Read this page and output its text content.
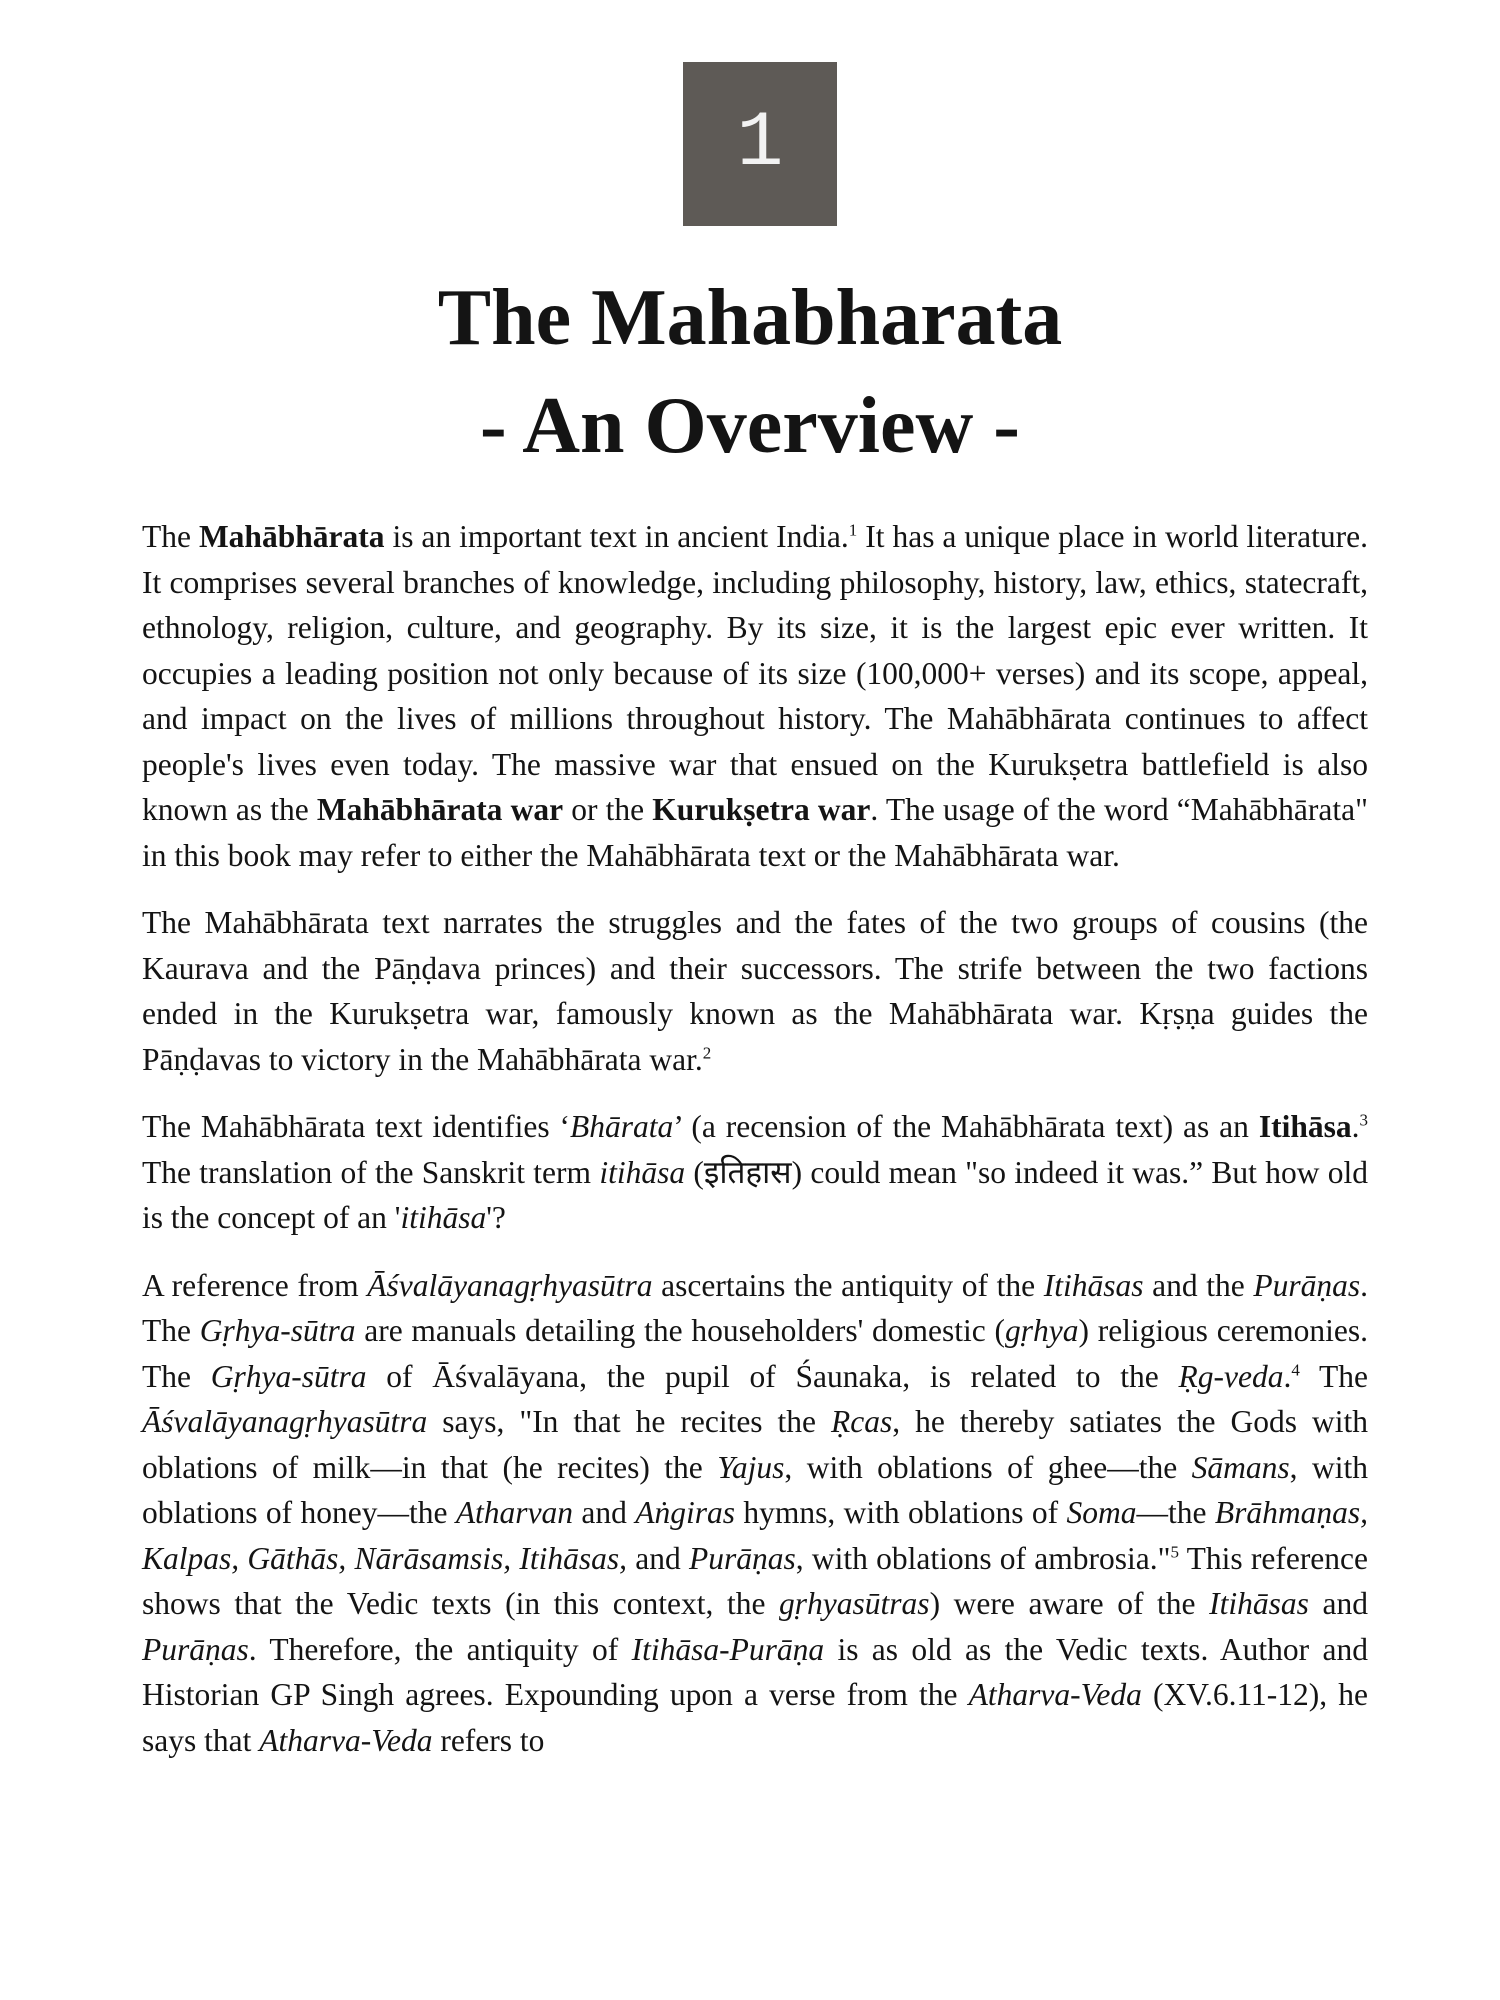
1
The Mahabharata
- An Overview -

The Mahābhārata is an important text in ancient India.$^1$ It has a unique place in world literature. It comprises several branches of knowledge, including philosophy, history, law, ethics, statecraft, ethnology, religion, culture, and geography. By its size, it is the largest epic ever written. It occupies a leading position not only because of its size (100,000+ verses) and its scope, appeal, and impact on the lives of millions throughout history. The Mahābhārata continues to affect people's lives even today. The massive war that ensued on the Kurukṣetra battlefield is also known as the Mahābhārata war or the Kurukṣetra war. The usage of the word “Mahābhārata" in this book may refer to either the Mahābhārata text or the Mahābhārata war.

The Mahābhārata text narrates the struggles and the fates of the two groups of cousins (the Kaurava and the Pāṇḍava princes) and their successors. The strife between the two factions ended in the Kurukṣetra war, famously known as the Mahābhārata war. Kṛṣṇa guides the Pāṇḍavas to victory in the Mahābhārata war.$^2$

The Mahābhārata text identifies ‘Bhārata’ (a recension of the Mahābhārata text) as an Itihāsa.$^3$ The translation of the Sanskrit term itihāsa (इतिहास) could mean "so indeed it was.” But how old is the concept of an 'itihāsa'?

A reference from Āśvalāyanagṛhyasūtra ascertains the antiquity of the Itihāsas and the Purāṇas. The Gṛhya-sūtra are manuals detailing the householders' domestic (gṛhya) religious ceremonies. The Gṛhya-sūtra of Āśvalāyana, the pupil of Śaunaka, is related to the Ṛg-veda.$^4$ The Āśvalāyanagṛhyasūtra says, "In that he recites the Ṛcas, he thereby satiates the Gods with oblations of milk—in that (he recites) the Yajus, with oblations of ghee—the Sāmans, with oblations of honey—the Atharvan and Aṅgiras hymns, with oblations of Soma—the Brāhmaṇas, Kalpas, Gāthās, Nārāsamsis, Itihāsas, and Purāṇas, with oblations of ambrosia."$^5$ This reference shows that the Vedic texts (in this context, the gṛhyasūtras) were aware of the Itihāsas and Purāṇas. Therefore, the antiquity of Itihāsa-Purāṇa is as old as the Vedic texts. Author and Historian GP Singh agrees. Expounding upon a verse from the Atharva-Veda (XV.6.11-12), he says that Atharva-Veda refers to
